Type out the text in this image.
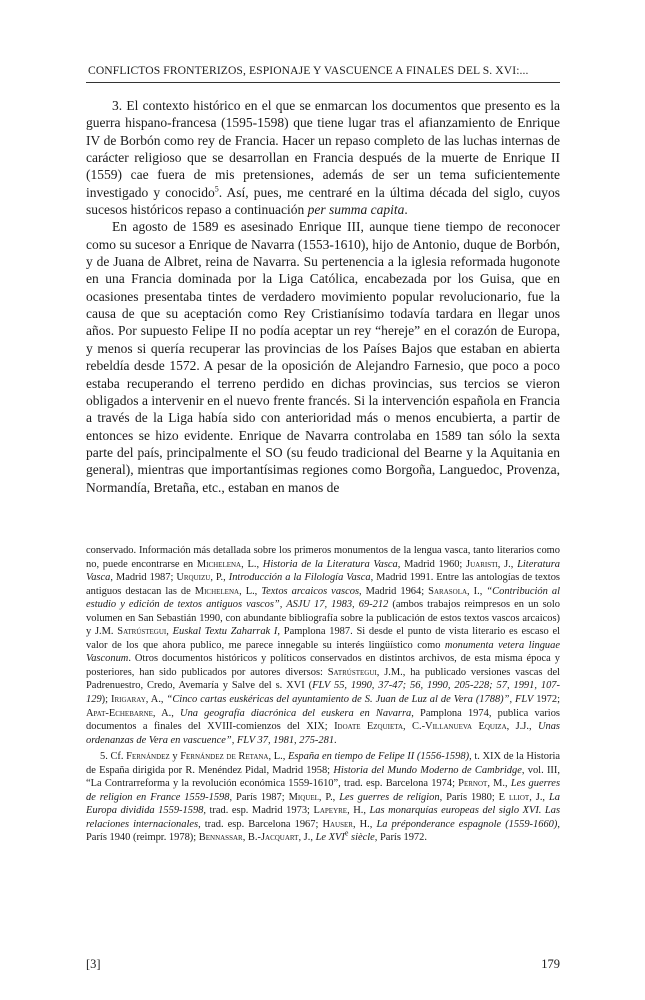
CONFLICTOS FRONTERIZOS, ESPIONAJE Y VASCUENCE A FINALES DEL S. XVI:...

3. El contexto histórico en el que se enmarcan los documentos que presento es la guerra hispano-francesa (1595-1598) que tiene lugar tras el afianzamiento de Enrique IV de Borbón como rey de Francia. Hacer un repaso completo de las luchas internas de carácter religioso que se desarrollan en Francia después de la muerte de Enrique II (1559) cae fuera de mis pretensiones, además de ser un tema suficientemente investigado y conocido$^5$. Así, pues, me centraré en la última década del siglo, cuyos sucesos históricos repaso a continuación per summa capita.

En agosto de 1589 es asesinado Enrique III, aunque tiene tiempo de reconocer como su sucesor a Enrique de Navarra (1553-1610), hijo de Antonio, duque de Borbón, y de Juana de Albret, reina de Navarra. Su pertenencia a la iglesia reformada hugonote en una Francia dominada por la Liga Católica, encabezada por los Guisa, que en ocasiones presentaba tintes de verdadero movimiento popular revolucionario, fue la causa de que su aceptación como Rey Cristianísimo todavía tardara en llegar unos años. Por supuesto Felipe II no podía aceptar un rey “hereje” en el corazón de Europa, y menos si quería recuperar las provincias de los Países Bajos que estaban en abierta rebeldía desde 1572. A pesar de la oposición de Alejandro Farnesio, que poco a poco estaba recuperando el terreno perdido en dichas provincias, sus tercios se vieron obligados a intervenir en el nuevo frente francés. Si la intervención española en Francia a través de la Liga había sido con anterioridad más o menos encubierta, a partir de entonces se hizo evidente. Enrique de Navarra controlaba en 1589 tan sólo la sexta parte del país, principalmente el SO (su feudo tradicional del Bearne y la Aquitania en general), mientras que importantísimas regiones como Borgoña, Languedoc, Provenza, Normandía, Bretaña, etc., estaban en manos de

conservado. Información más detallada sobre los primeros monumentos de la lengua vasca, tanto literarios como no, puede encontrarse en Michelena, L., Historia de la Literatura Vasca, Madrid 1960; Juaristi, J., Literatura Vasca, Madrid 1987; Urquizu, P., Introducción a la Filología Vasca, Madrid 1991. Entre las antologías de textos antiguos destacan las de Michelena, L., Textos arcaicos vascos, Madrid 1964; Sarasola, I., “Contribución al estudio y edición de textos antiguos vascos”, ASJU 17, 1983, 69-212 (ambos trabajos reimpresos en un solo volumen en San Sebastián 1990, con abundante bibliografía sobre la publicación de estos textos vascos arcaicos) y J.M. Satrústegui, Euskal Textu Zaharrak I, Pamplona 1987. Si desde el punto de vista literario es escaso el valor de los que ahora publico, me parece innegable su interés lingüístico como monumenta vetera linguae Vasconum. Otros documentos históricos y políticos conservados en distintos archivos, de esta misma época y posteriores, han sido publicados por autores diversos: Satrústegui, J.M., ha publicado versiones vascas del Padrenuestro, Credo, Avemaría y Salve del s. XVI (FLV 55, 1990, 37-47; 56, 1990, 205-228; 57, 1991, 107-129); Irigaray, A., “Cinco cartas euskéricas del ayuntamiento de S. Juan de Luz al de Vera (1788)”, FLV 1972; Apat-Echebarne, A., Una geografía diacrónica del euskera en Navarra, Pamplona 1974, publica varios documentos a finales del XVIII-comienzos del XIX; Idoate Ezquieta, C.-Villanueva Equiza, J.J., Unas ordenanzas de Vera en vascuence”, FLV 37, 1981, 275-281.

5. Cf. Fernández y Fernández de Retana, L., España en tiempo de Felipe II (1556-1598), t. XIX de la Historia de España dirigida por R. Menéndez Pidal, Madrid 1958; Historia del Mundo Moderno de Cambridge, vol. III, “La Contrarreforma y la revolución económica 1559-1610”, trad. esp. Barcelona 1974; Pernot, M., Les guerres de religion en France 1559-1598, París 1987; Miquel, P., Les guerres de religion, París 1980; E lliot, J., La Europa dividida 1559-1598, trad. esp. Madrid 1973; Lapeyre, H., Las monarquías europeas del siglo XVI. Las relaciones internacionales, trad. esp. Barcelona 1967; Hauser, H., La préponderance espagnole (1559-1660), París 1940 (reimpr. 1978); Bennassar, B.-Jacquart, J., Le XVIe siècle, París 1972.

[3]	179
